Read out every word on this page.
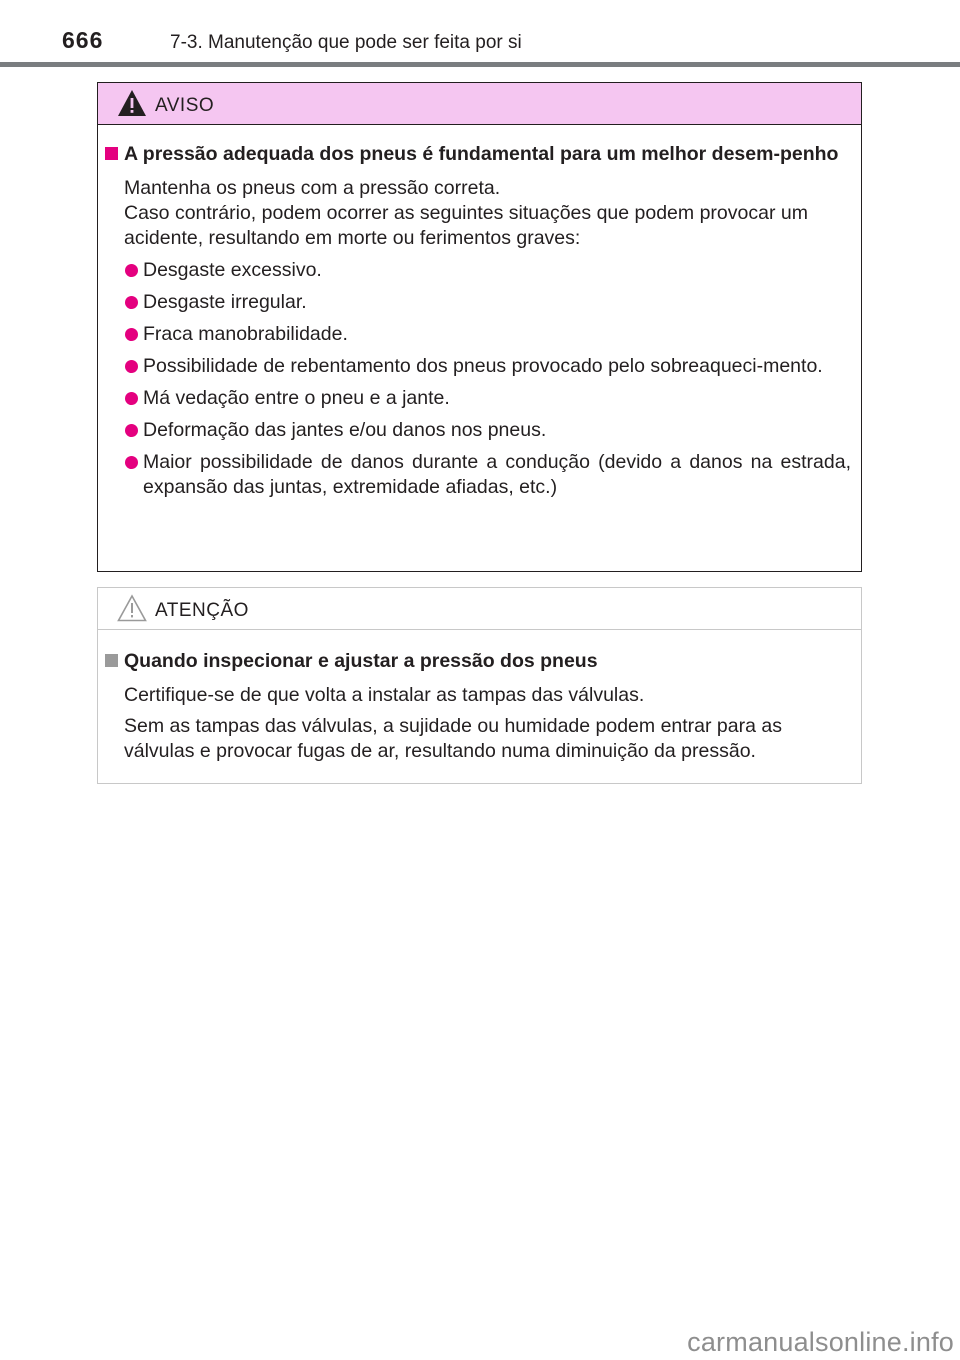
666	7-3. Manutenção que pode ser feita por si
AVISO
A pressão adequada dos pneus é fundamental para um melhor desem-penho
Mantenha os pneus com a pressão correta.
Caso contrário, podem ocorrer as seguintes situações que podem provocar um acidente, resultando em morte ou ferimentos graves:
Desgaste excessivo.
Desgaste irregular.
Fraca manobrabilidade.
Possibilidade de rebentamento dos pneus provocado pelo sobreaqueci-mento.
Má vedação entre o pneu e a jante.
Deformação das jantes e/ou danos nos pneus.
Maior possibilidade de danos durante a condução (devido a danos na estrada, expansão das juntas, extremidade afiadas, etc.)
ATENÇÃO
Quando inspecionar e ajustar a pressão dos pneus
Certifique-se de que volta a instalar as tampas das válvulas.
Sem as tampas das válvulas, a sujidade ou humidade podem entrar para as válvulas e provocar fugas de ar, resultando numa diminuição da pressão.
carmanualsonline.info
